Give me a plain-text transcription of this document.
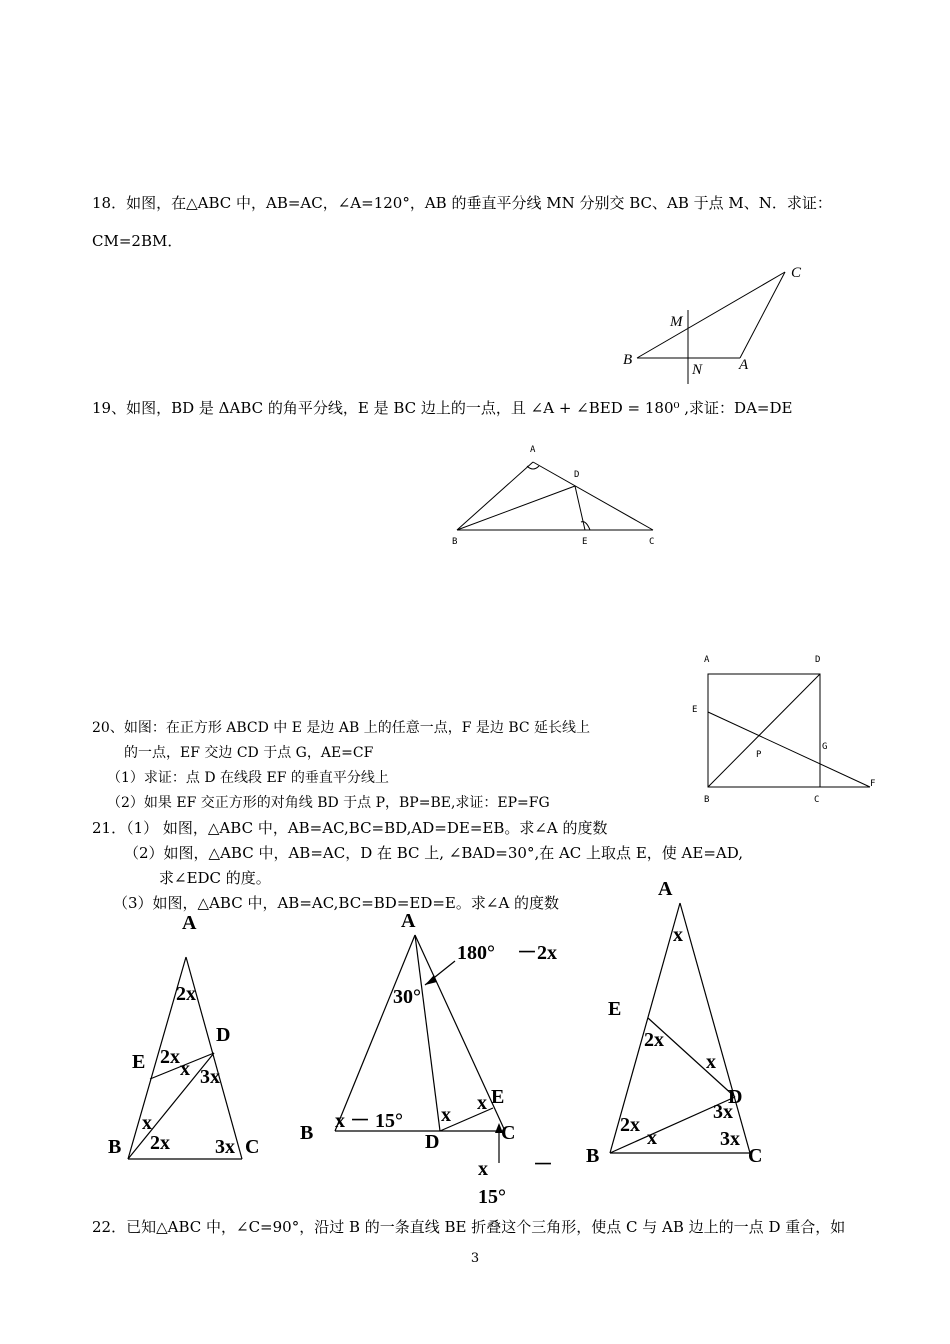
18．如图，在△ABC 中，AB=AC，∠A=120°，AB 的垂直平分线 MN 分别交 BC、AB 于点 M、N．求证：
CM=2BM．
C
M
B
N A
19、如图，BD 是 ΔABC 的角平分线，E 是 BC 边上的一点，且 ∠A + ∠BED = 180⁰ ,求证：DA=DE
A
D
B	E	C
20、如图：在正方形 ABCD 中 E 是边 AB 上的任意一点，F 是边 BC 延长线上
的一点，EF 交边 CD 于点 G，AE=CF
（1）求证：点 D 在线段 EF 的垂直平分线上
（2）如果 EF 交正方形的对角线 BD 于点 P，BP=BE,求证：EP=FG
A	D
E
P
G
B	C
F
21．（1） 如图，△ABC 中，AB=AC,BC=BD,AD=DE=EB。求∠A 的度数
（2）如图，△ABC 中，AB=AC，D 在 BC 上, ∠BAD=30°,在 AC 上取点 E，使 AE=AD,
求∠EDC 的度。
（3）如图，△ABC 中，AB=AC,BC=BD=ED=E。求∠A 的度数
A
2x
D
E 2x
x 3x
x
2x
B	3x C
A
180° －2x
30°
E
x
x
x － 15°
B	D	C
x －
15°
A
x
E
2x
x
D
3x
2x
x	3x
B	C
22．已知△ABC 中，∠C=90°，沿过 B 的一条直线 BE 折叠这个三角形，使点 C 与 AB 边上的一点 D 重合，如
3
